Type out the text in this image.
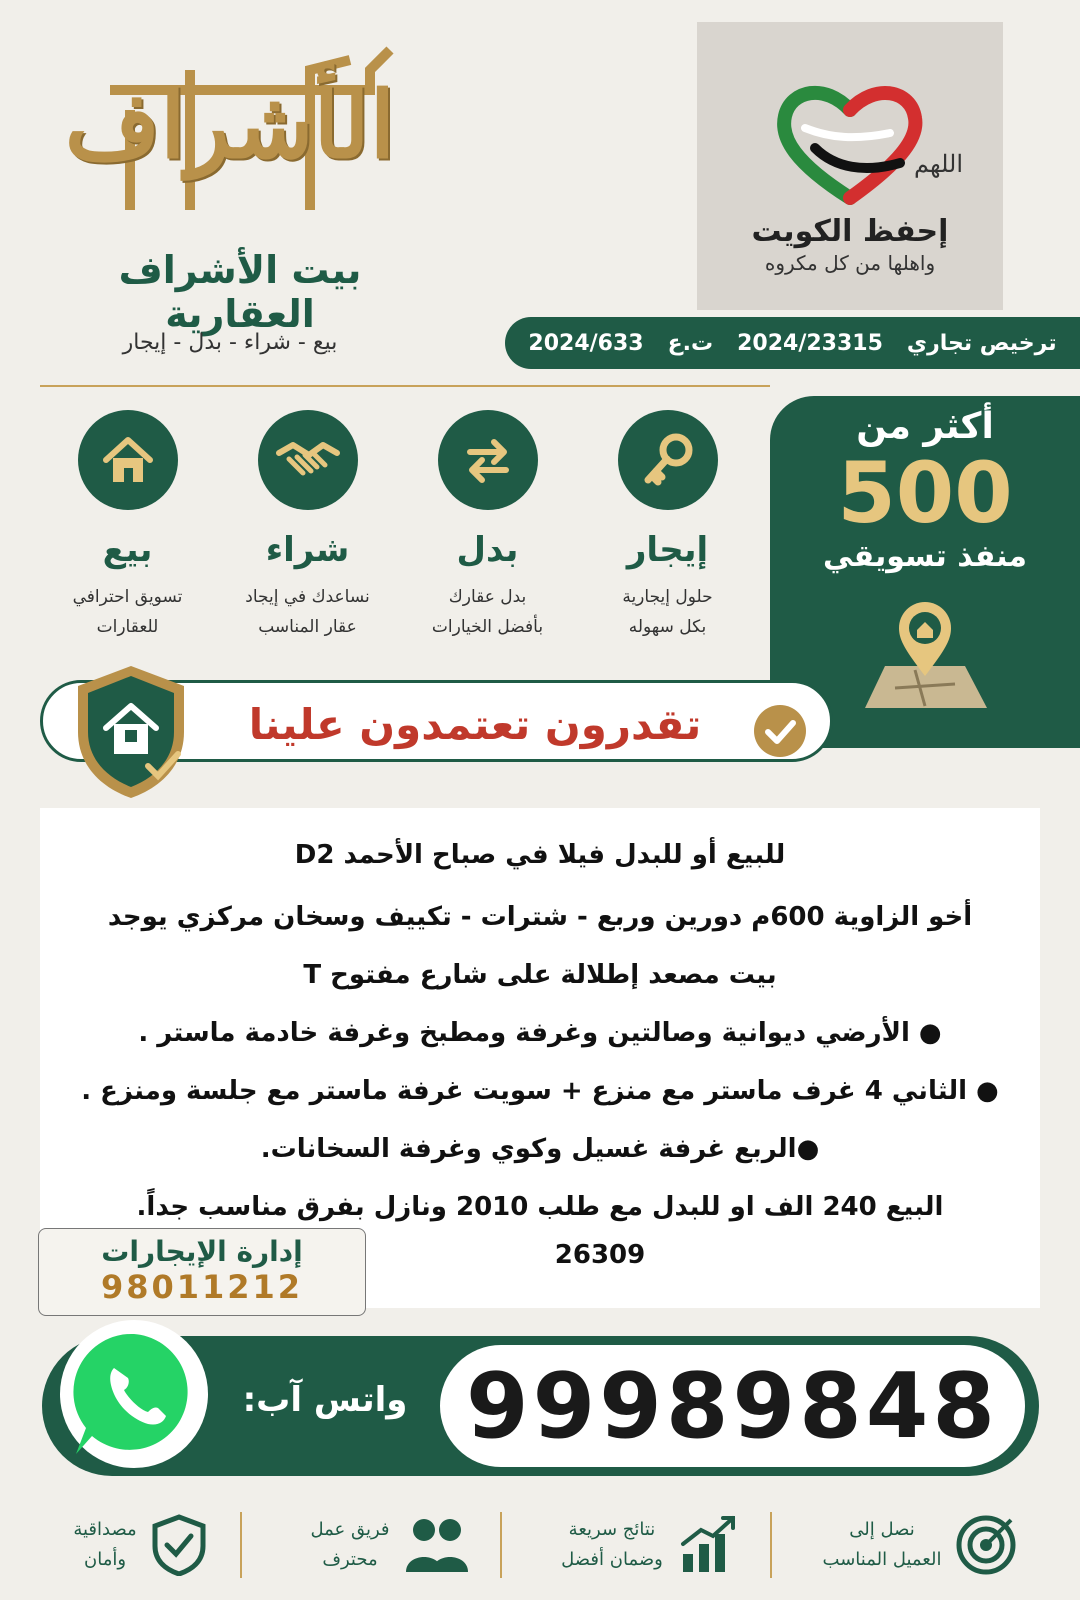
الأشراف
بيت الأشراف العقارية
بيع - شراء - بدل - إيجار
اللهم
إحفظ الكويت
واهلها من كل مكروه
ترخيص تجاري
2024/23315
ت.ع
2024/633
إيجار
حلول إيجارية
بكل سهوله
بدل
بدل عقارك
بأفضل الخيارات
شراء
نساعدك في إيجاد
عقار المناسب
بيع
تسويق احترافي
للعقارات
أكثر من
500
منفذ تسويقي
تقدرون تعتمدون علينا
للبيع أو للبدل فيلا في صباح الأحمد D2
أخو الزاوية 600م دورين وربع - شترات - تكييف وسخان مركزي يوجد
بيت مصعد إطلالة على شارع مفتوح T
● الأرضي ديوانية وصالتين وغرفة ومطبخ وغرفة خادمة ماستر .
● الثاني 4 غرف ماستر مع منزع + سويت غرفة ماستر مع جلسة ومنزع .
●الربع غرفة غسيل وكوي وغرفة السخانات.
البيع 240 الف او للبدل مع طلب 2010 ونازل بفرق مناسب جداً.
26309
إدارة الإيجارات
98011212
99989848
واتس آب:
نصل إلى
العميل المناسب
نتائج سريعة
وضمان أفضل
فريق عمل
محترف
مصداقية
وأمان
